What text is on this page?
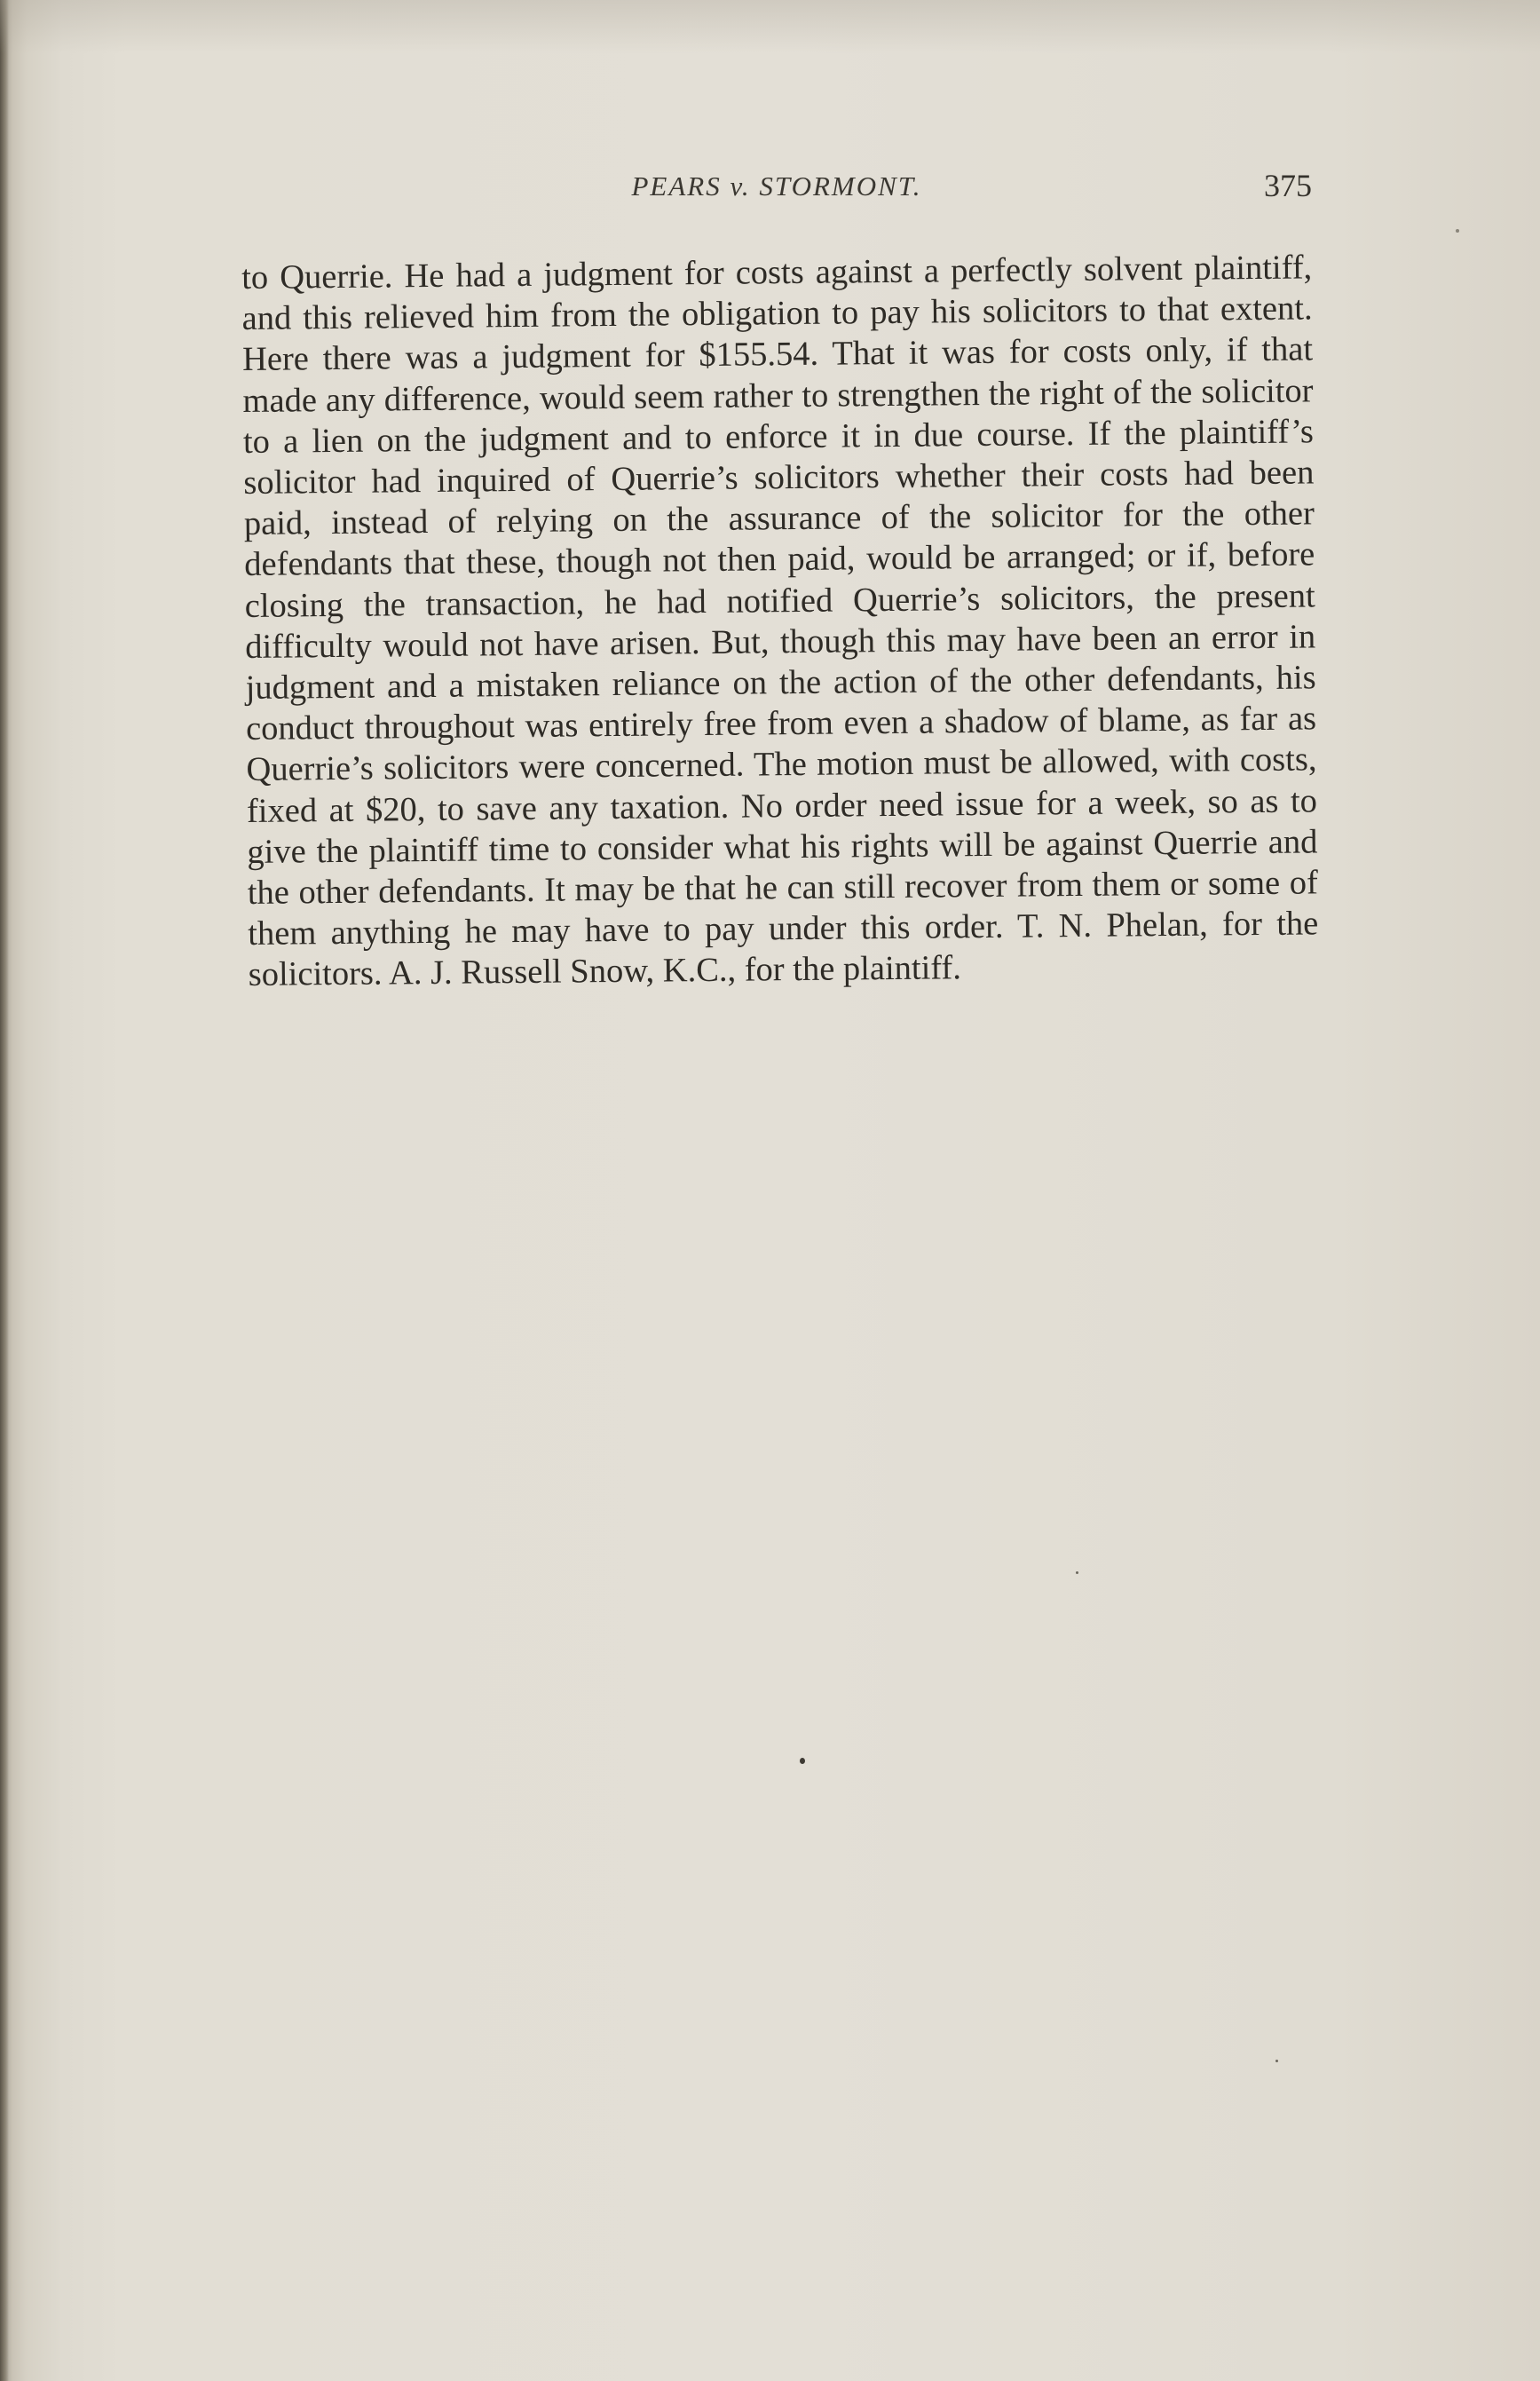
PEARS v. STORMONT.	375

to Querrie. He had a judgment for costs against a perfectly solvent plaintiff, and this relieved him from the obligation to pay his solicitors to that extent. Here there was a judgment for $155.54. That it was for costs only, if that made any difference, would seem rather to strengthen the right of the solicitor to a lien on the judgment and to enforce it in due course. If the plaintiff’s solicitor had inquired of Querrie’s solicitors whether their costs had been paid, instead of relying on the assurance of the solicitor for the other defendants that these, though not then paid, would be arranged; or if, before closing the transaction, he had notified Querrie’s solicitors, the present difficulty would not have arisen. But, though this may have been an error in judgment and a mistaken reliance on the action of the other defendants, his conduct throughout was entirely free from even a shadow of blame, as far as Querrie’s solicitors were concerned. The motion must be allowed, with costs, fixed at $20, to save any taxation. No order need issue for a week, so as to give the plaintiff time to consider what his rights will be against Querrie and the other defendants. It may be that he can still recover from them or some of them anything he may have to pay under this order. T. N. Phelan, for the solicitors. A. J. Russell Snow, K.C., for the plaintiff.
